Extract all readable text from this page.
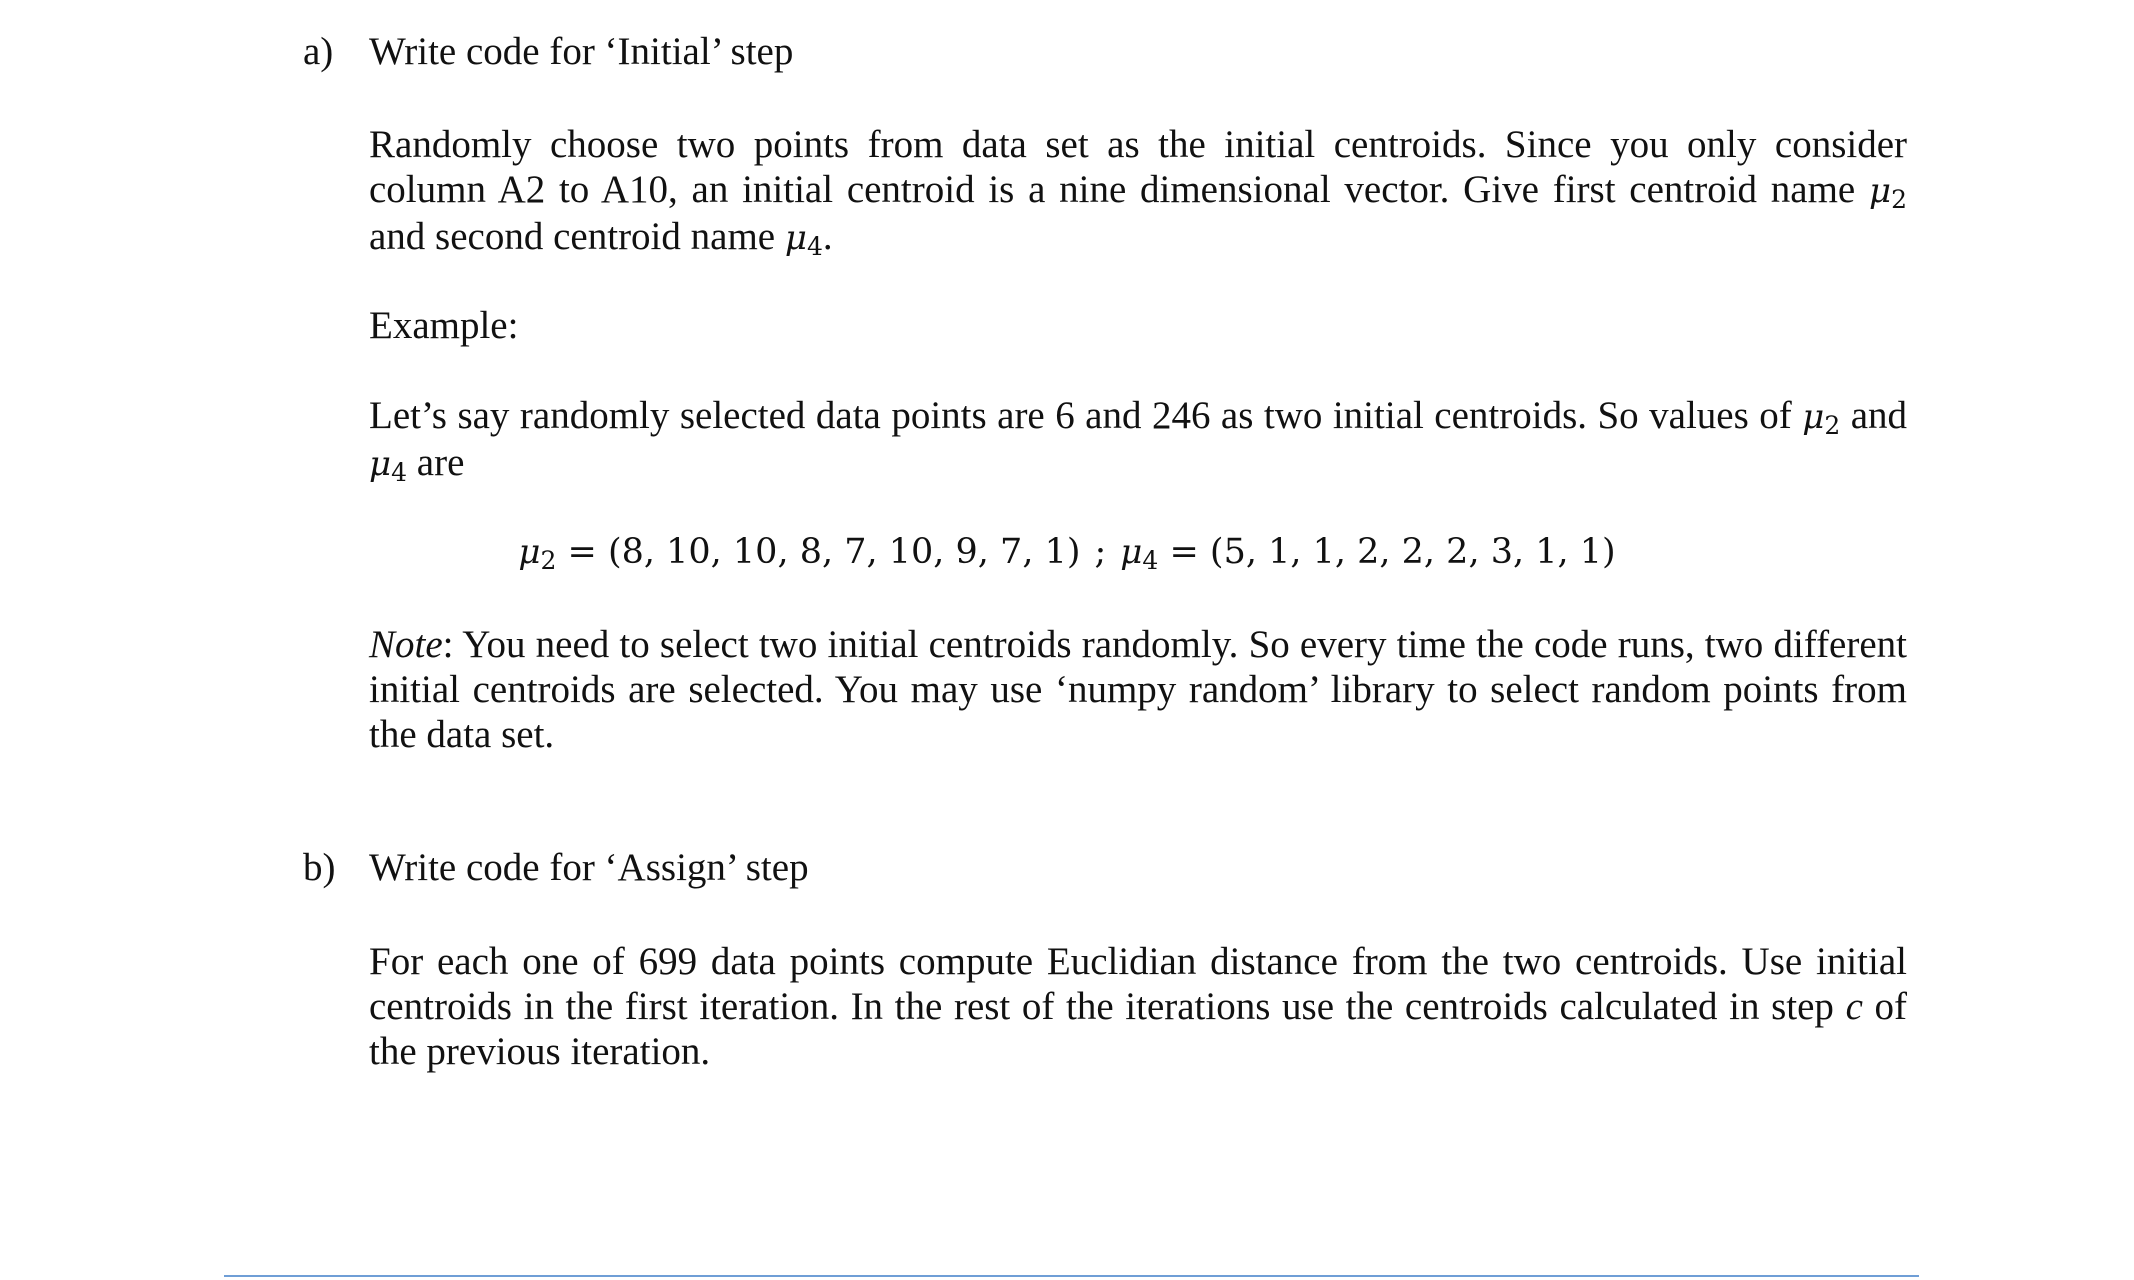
a) Write code for ‘Initial’ step
Randomly choose two points from data set as the initial centroids. Since you only consider column A2 to A10, an initial centroid is a nine dimensional vector. Give first centroid name $\mu_2$ and second centroid name $\mu_4$.
Example:
Let’s say randomly selected data points are 6 and 246 as two initial centroids. So values of $\mu_2$ and $\mu_4$ are
$\mu_2 = (8$, 10, 10, 8, 7, 10, 9, 7, 1) ; $\mu_4 = (5$, 1, 1, 2, 2, 2, 3, 1, 1)
Note: You need to select two initial centroids randomly. So every time the code runs, two different initial centroids are selected. You may use ‘numpy random’ library to select random points from the data set.
b) Write code for ‘Assign’ step
For each one of 699 data points compute Euclidian distance from the two centroids. Use initial centroids in the first iteration. In the rest of the iterations use the centroids calculated in step c of the previous iteration.
